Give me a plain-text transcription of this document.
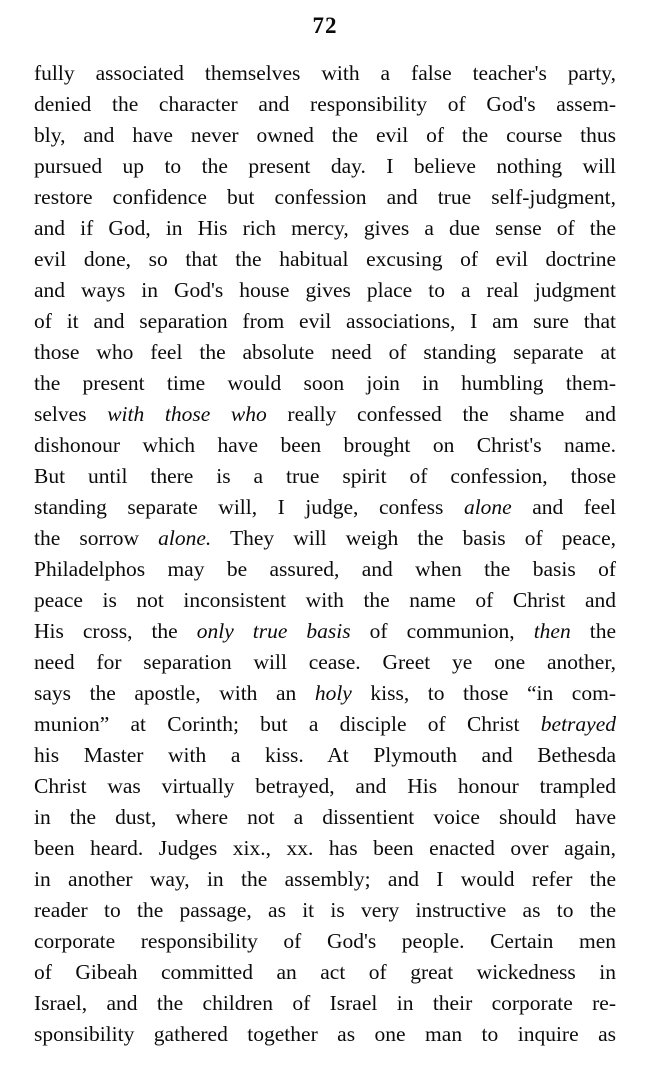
72
fully associated themselves with a false teacher's party,
denied the character and responsibility of God's assem-
bly, and have never owned the evil of the course thus
pursued up to the present day. I believe nothing will
restore confidence but confession and true self-judgment,
and if God, in His rich mercy, gives a due sense of the
evil done, so that the habitual excusing of evil doctrine
and ways in God's house gives place to a real judgment
of it and separation from evil associations, I am sure that
those who feel the absolute need of standing separate at
the present time would soon join in humbling them-
selves with those who really confessed the shame and
dishonour which have been brought on Christ's name.
But until there is a true spirit of confession, those
standing separate will, I judge, confess alone and feel
the sorrow alone. They will weigh the basis of peace,
Philadelphos may be assured, and when the basis of
peace is not inconsistent with the name of Christ and
His cross, the only true basis of communion, then the
need for separation will cease. Greet ye one another,
says the apostle, with an holy kiss, to those “in com-
munion” at Corinth; but a disciple of Christ betrayed
his Master with a kiss. At Plymouth and Bethesda
Christ was virtually betrayed, and His honour trampled
in the dust, where not a dissentient voice should have
been heard. Judges xix., xx. has been enacted over again,
in another way, in the assembly; and I would refer the
reader to the passage, as it is very instructive as to the
corporate responsibility of God's people. Certain men
of Gibeah committed an act of great wickedness in
Israel, and the children of Israel in their corporate re-
sponsibility gathered together as one man to inquire as
